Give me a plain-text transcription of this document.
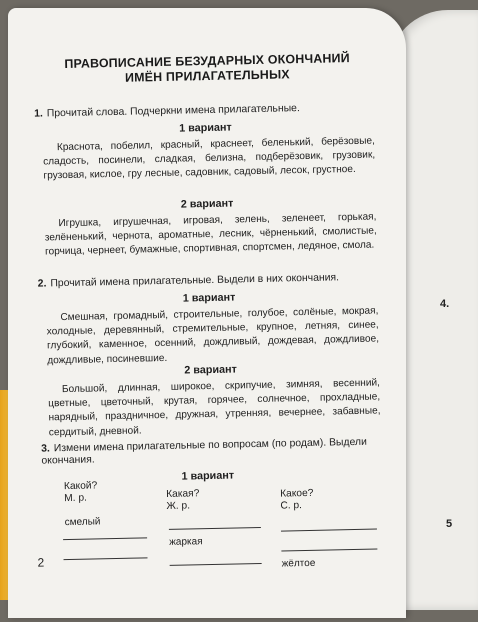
4.
5
ПРАВОПИСАНИЕ БЕЗУДАРНЫХ ОКОНЧАНИЙ
ИМЁН ПРИЛАГАТЕЛЬНЫХ
1. Прочитай слова. Подчеркни имена прилагательные.
1 вариант
Краснота, побелил, красный, краснеет, беленький, берёзовые, сладость, посинели, сладкая, белизна, подберёзовик, грузовик, грузовая, кислое, гру лесные, садовник, садовый, лесок, грустное.
2 вариант
Игрушка, игрушечная, игровая, зелень, зеленеет, горькая, зелёненький, чернота, ароматные, лесник, чёрненький, смолистые, горчица, чернеет, бумажные, спортивная, спортсмен, ледяное, смола.
2. Прочитай имена прилагательные. Выдели в них окончания.
1 вариант
Смешная, громадный, строительные, голубое, солёные, мокрая, холодные, деревянный, стремительные, крупное, летняя, синее, глубокий, каменное, осенний, дождливый, дождевая, дождливое, дождливые, посиневшие.
2 вариант
Большой, длинная, широкое, скрипучие, зимняя, весенний, цветные, цветочный, крутая, горячее, солнечное, прохладные, нарядный, праздничное, дружная, утренняя, вечернее, забавные, сердитый, дневной.
3. Измени имена прилагательные по вопросам (по родам). Выдели окончания.
1 вариант
Какой?
М. р.	Какая?
Ж. р.
Какое?
С. р.
смелый
жаркая
жёлтое
2
